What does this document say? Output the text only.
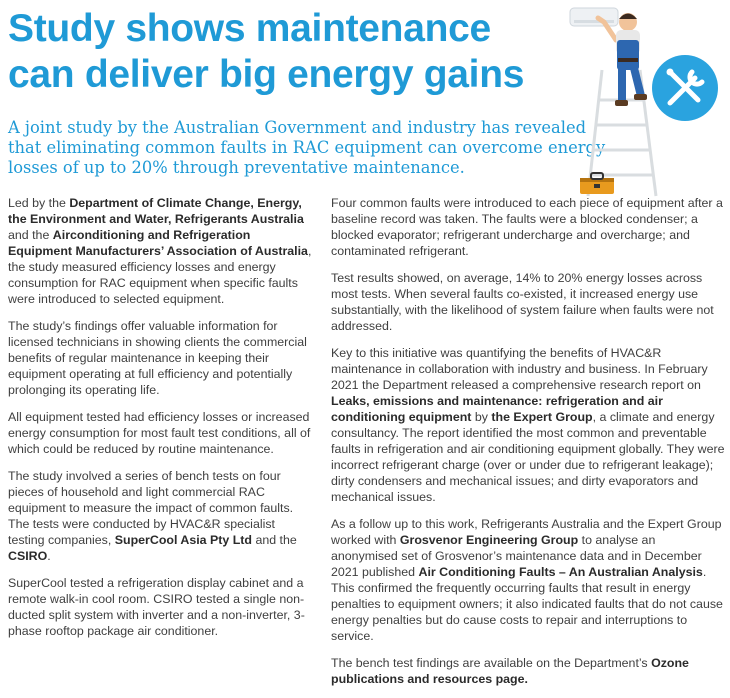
Study shows maintenance
can deliver big energy gains
A joint study by the Australian Government and industry has revealed that eliminating common faults in RAC equipment can overcome energy losses of up to 20% through preventative maintenance.

Led by the Department of Climate Change, Energy, the Environment and Water, Refrigerants Australia and the Airconditioning and Refrigeration Equipment Manufacturers’ Association of Australia, the study measured efficiency losses and energy consumption for RAC equipment when specific faults were introduced to selected equipment.

The study’s findings offer valuable information for licensed technicians in showing clients the commercial benefits of regular maintenance in keeping their equipment operating at full efficiency and potentially prolonging its operating life.

All equipment tested had efficiency losses or increased energy consumption for most fault test conditions, all of which could be reduced by routine maintenance.

The study involved a series of bench tests on four pieces of household and light commercial RAC equipment to measure the impact of common faults. The tests were conducted by HVAC&R specialist testing companies, SuperCool Asia Pty Ltd and the CSIRO.

SuperCool tested a refrigeration display cabinet and a remote walk-in cool room. CSIRO tested a single non-ducted split system with inverter and a non-inverter, 3-phase rooftop package air conditioner.

Four common faults were introduced to each piece of equipment after a baseline record was taken. The faults were a blocked condenser; a blocked evaporator; refrigerant undercharge and overcharge; and contaminated refrigerant.

Test results showed, on average, 14% to 20% energy losses across most tests. When several faults co-existed, it increased energy use substantially, with the likelihood of system failure when faults were not addressed.

Key to this initiative was quantifying the benefits of HVAC&R maintenance in collaboration with industry and business. In February 2021 the Department released a comprehensive research report on Leaks, emissions and maintenance: refrigeration and air conditioning equipment by the Expert Group, a climate and energy consultancy. The report identified the most common and preventable faults in refrigeration and air conditioning equipment globally. They were incorrect refrigerant charge (over or under due to refrigerant leakage); dirty condensers and mechanical issues; and dirty evaporators and mechanical issues.

As a follow up to this work, Refrigerants Australia and the Expert Group worked with Grosvenor Engineering Group to analyse an anonymised set of Grosvenor’s maintenance data and in December 2021 published Air Conditioning Faults – An Australian Analysis. This confirmed the frequently occurring faults that result in energy penalties to equipment owners; it also indicated faults that do not cause energy penalties but do cause costs to repair and interruptions to service.

The bench test findings are available on the Department’s Ozone publications and resources page.
